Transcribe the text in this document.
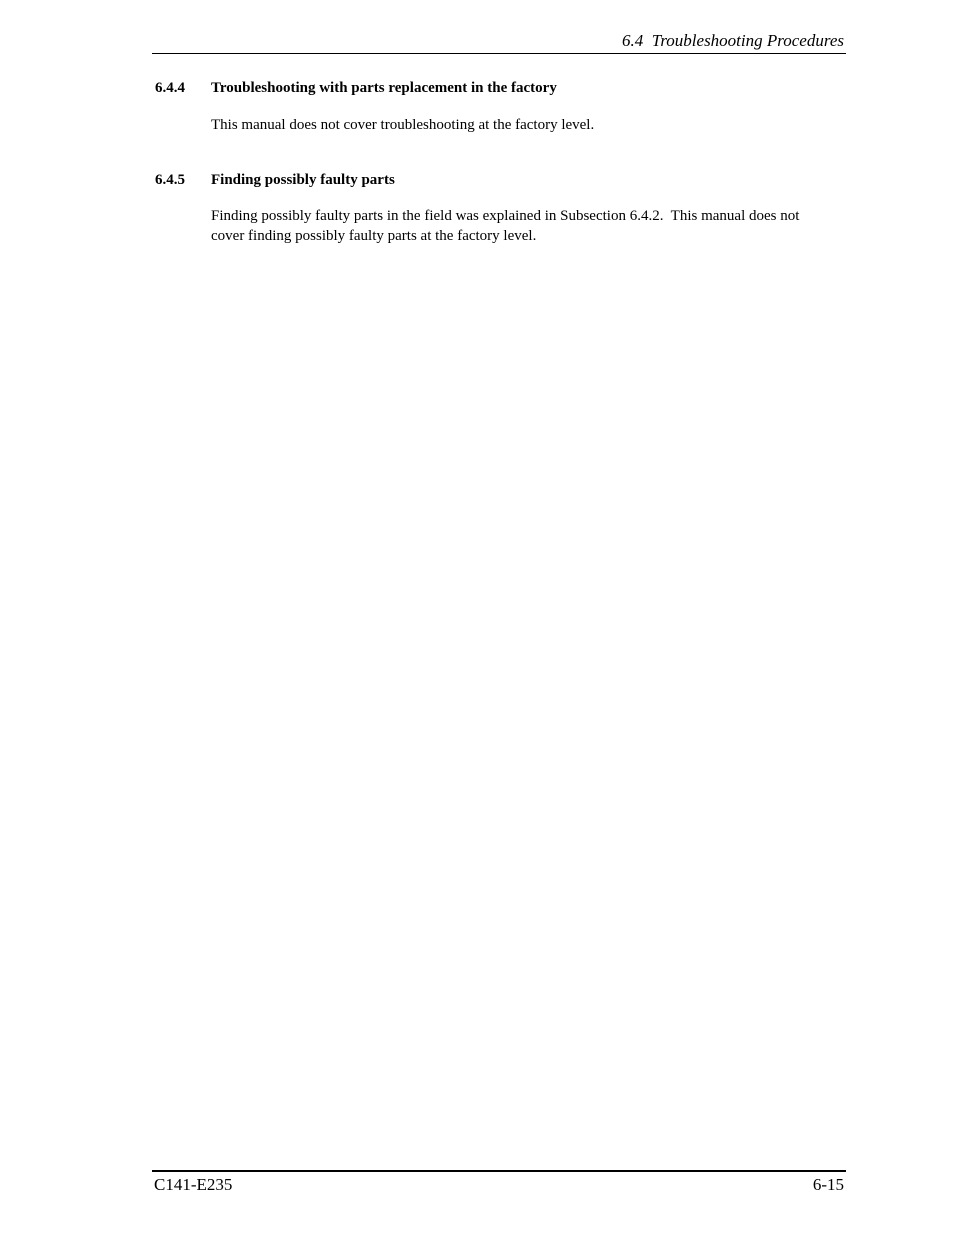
6.4  Troubleshooting Procedures
6.4.4 Troubleshooting with parts replacement in the factory

This manual does not cover troubleshooting at the factory level.

6.4.5 Finding possibly faulty parts

Finding possibly faulty parts in the field was explained in Subsection 6.4.2.  This manual does not cover finding possibly faulty parts at the factory level.

C141-E235	6-15
